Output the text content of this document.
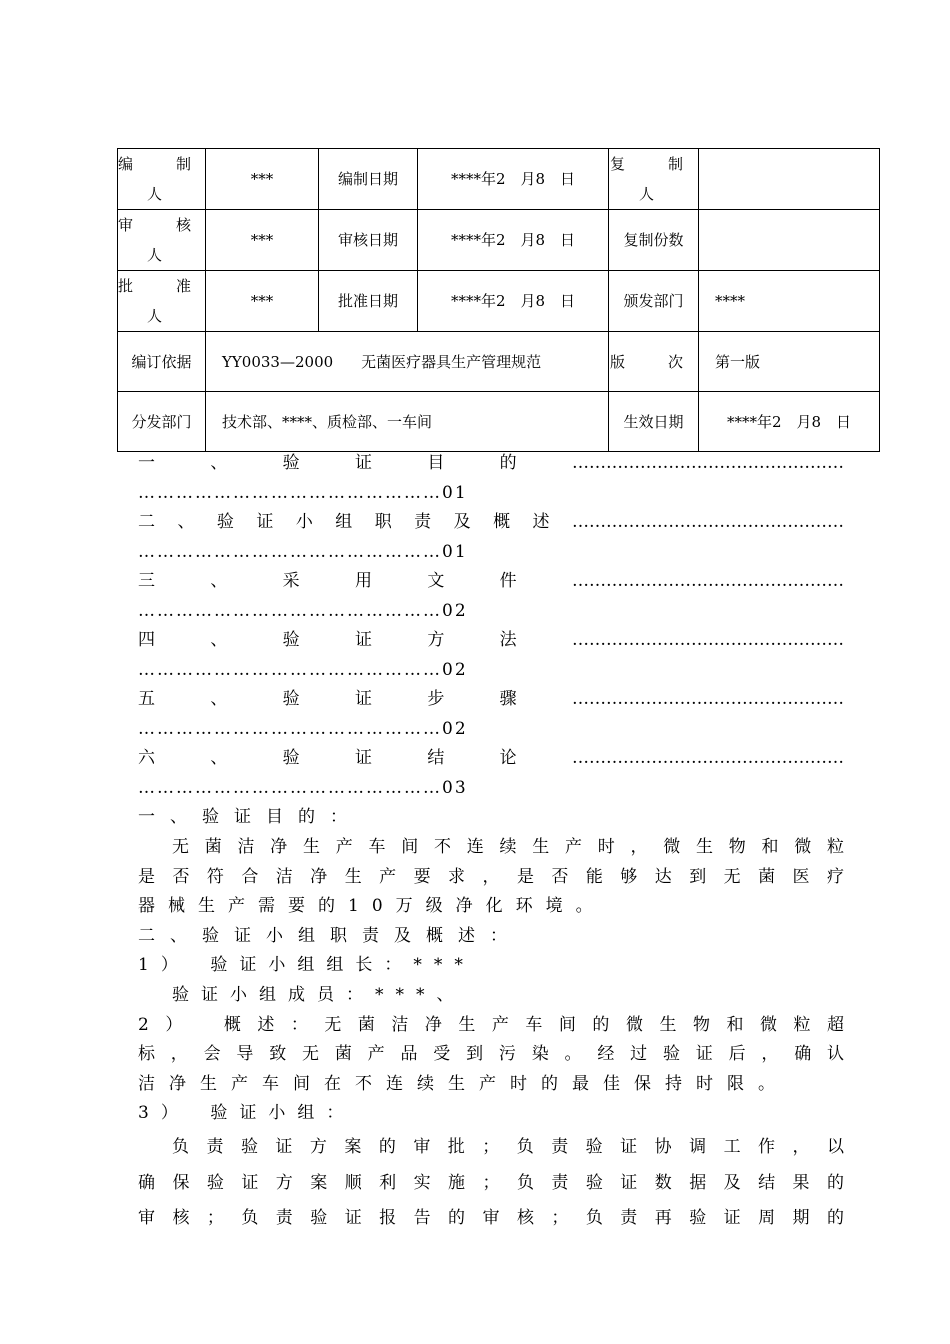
编　制人	***	编制日期	****年2　月8　日	复　制人	
审　核人	***	审核日期	****年2　月8　日	复制份数	
批　准人	***	批准日期	****年2　月8　日	颁发部门	****
编订依据	YY0033—2000 无菌医疗器具生产管理规范			版　次	第一版
分发部门	技术部、****、质检部、一车间			生效日期	****年2　月8　日
一、验证目的…………………………………………
…………………………………………01
二、验证小组职责及概述…………………………………………
…………………………………………01
三、采用文件…………………………………………
…………………………………………02
四、验证方法…………………………………………
…………………………………………02
五、验证步骤…………………………………………
…………………………………………02
六、验证结论…………………………………………
…………………………………………03
一、验证目的：
无菌洁净生产车间不连续生产时，微生物和微粒
是否符合洁净生产要求，是否能够达到无菌医疗
器械生产需要的10万级净化环境。
二、验证小组职责及概述：
1）　验证小组组长：***
验证小组成员：***、
2）　概述：无菌洁净生产车间的微生物和微粒超
标，会导致无菌产品受到污染。经过验证后，确认
洁净生产车间在不连续生产时的最佳保持时限。
3）　验证小组：
负责验证方案的审批；负责验证协调工作，以
确保验证方案顺利实施；负责验证数据及结果的
审核；负责验证报告的审核；负责再验证周期的
